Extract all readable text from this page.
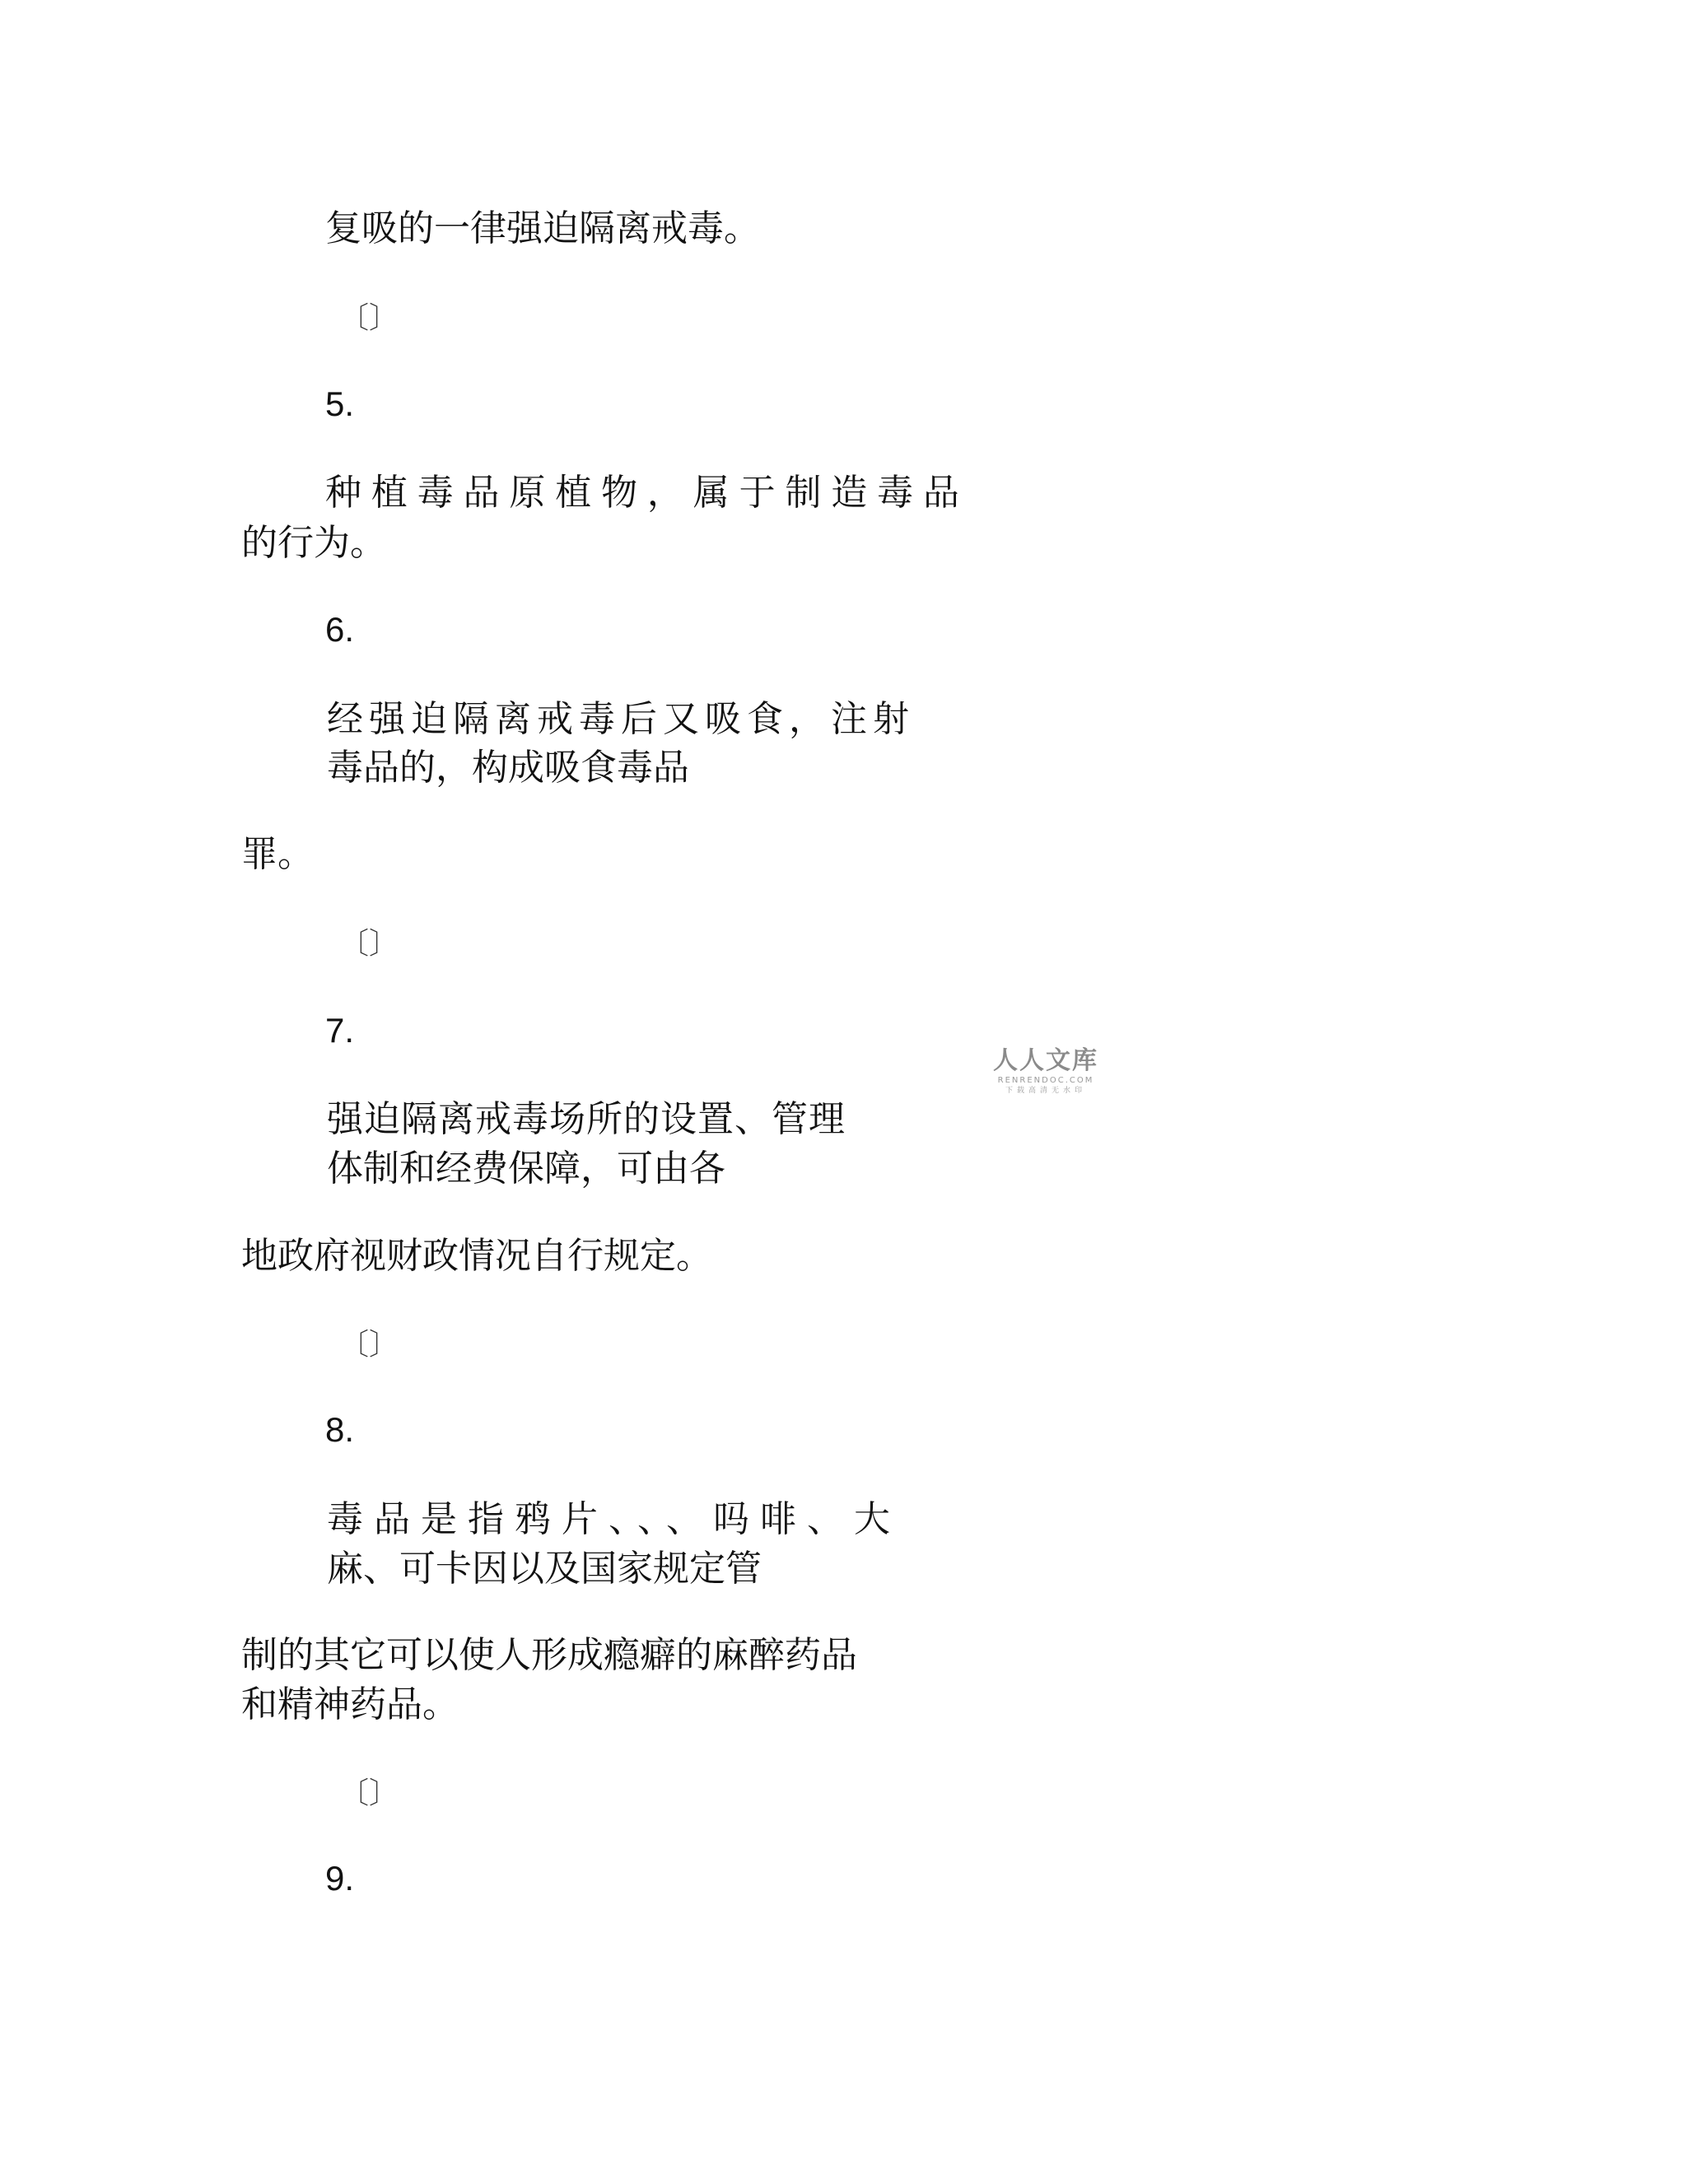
复吸的一律强迫隔离戒毒。
〔〕
5.
种 植 毒 品 原 植 物 ， 属 于 制 造 毒 品
的行为。
6.
经强迫隔离戒毒后又吸食，注射
毒品的，构成吸食毒品
罪。
〔〕
7.
强迫隔离戒毒场所的设置、管理
体制和经费保障，可由各
地政府视财政情况自行规定。
〔〕
8.
毒品是指鸦片、、、吗啡、大
麻、可卡因以及国家规定管
制的其它可以使人形成瘾癖的麻醉药品
和精神药品。
〔〕
9.
人人文库
RENRENDOC.COM
下载高清无水印
